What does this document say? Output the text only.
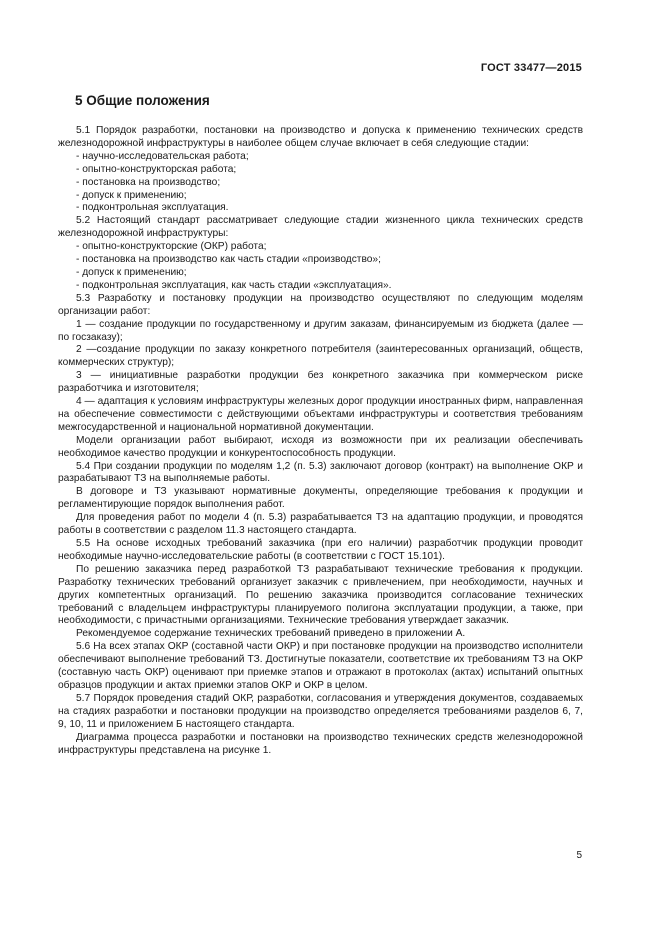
ГОСТ 33477—2015
5 Общие положения

5.1 Порядок разработки, постановки на производство и допуска к применению технических средств железнодорожной инфраструктуры в наиболее общем случае включает в себя следующие стадии:

- научно-исследовательская работа;

- опытно-конструкторская работа;

- постановка на производство;

- допуск к применению;

- подконтрольная эксплуатация.

5.2 Настоящий стандарт рассматривает следующие стадии жизненного цикла технических средств железнодорожной инфраструктуры:

- опытно-конструкторские (ОКР) работа;

- постановка на производство как часть стадии «производство»;

- допуск к применению;

- подконтрольная эксплуатация, как часть стадии «эксплуатация».

5.3 Разработку и постановку продукции на производство осуществляют по следующим моделям организации работ:

1 — создание продукции по государственному и другим заказам, финансируемым из бюджета (далее — по госзаказу);

2 —создание продукции по заказу конкретного потребителя (заинтересованных организаций, обществ, коммерческих структур);

3 — инициативные разработки продукции без конкретного заказчика при коммерческом риске разработчика и изготовителя;

4 — адаптация к условиям инфраструктуры железных дорог продукции иностранных фирм, направленная на обеспечение совместимости с действующими объектами инфраструктуры и соответствия требованиям межгосударственной и национальной нормативной документации.

Модели организации работ выбирают, исходя из возможности при их реализации обеспечивать необходимое качество продукции и конкурентоспособность продукции.

5.4 При создании продукции по моделям 1,2 (п. 5.3) заключают договор (контракт) на выполнение ОКР и разрабатывают ТЗ на выполняемые работы.

В договоре и ТЗ указывают нормативные документы, определяющие требования к продукции и регламентирующие порядок выполнения работ.

Для проведения работ по модели 4 (п. 5.3) разрабатывается ТЗ на адаптацию продукции, и проводятся работы в соответствии с разделом 11.3 настоящего стандарта.

5.5 На основе исходных требований заказчика (при его наличии) разработчик продукции проводит необходимые научно-исследовательские работы (в соответствии с ГОСТ 15.101).

По решению заказчика перед разработкой ТЗ разрабатывают технические требования к продукции. Разработку технических требований организует заказчик с привлечением, при необходимости, научных и других компетентных организаций. По решению заказчика производится согласование технических требований с владельцем инфраструктуры планируемого полигона эксплуатации продукции, а также, при необходимости, с причастными организациями. Технические требования утверждает заказчик.

Рекомендуемое содержание технических требований приведено в приложении А.

5.6 На всех этапах ОКР (составной части ОКР) и при постановке продукции на производство исполнители обеспечивают выполнение требований ТЗ. Достигнутые показатели, соответствие их требованиям ТЗ на ОКР (составную часть ОКР) оценивают при приемке этапов и отражают в протоколах (актах) испытаний опытных образцов продукции и актах приемки этапов ОКР и ОКР в целом.

5.7 Порядок проведения стадий ОКР, разработки, согласования и утверждения документов, создаваемых на стадиях разработки и постановки продукции на производство определяется требованиями разделов 6, 7, 9, 10, 11 и приложением Б настоящего стандарта.

Диаграмма процесса разработки и постановки на производство технических средств железнодорожной инфраструктуры представлена на рисунке 1.

5
